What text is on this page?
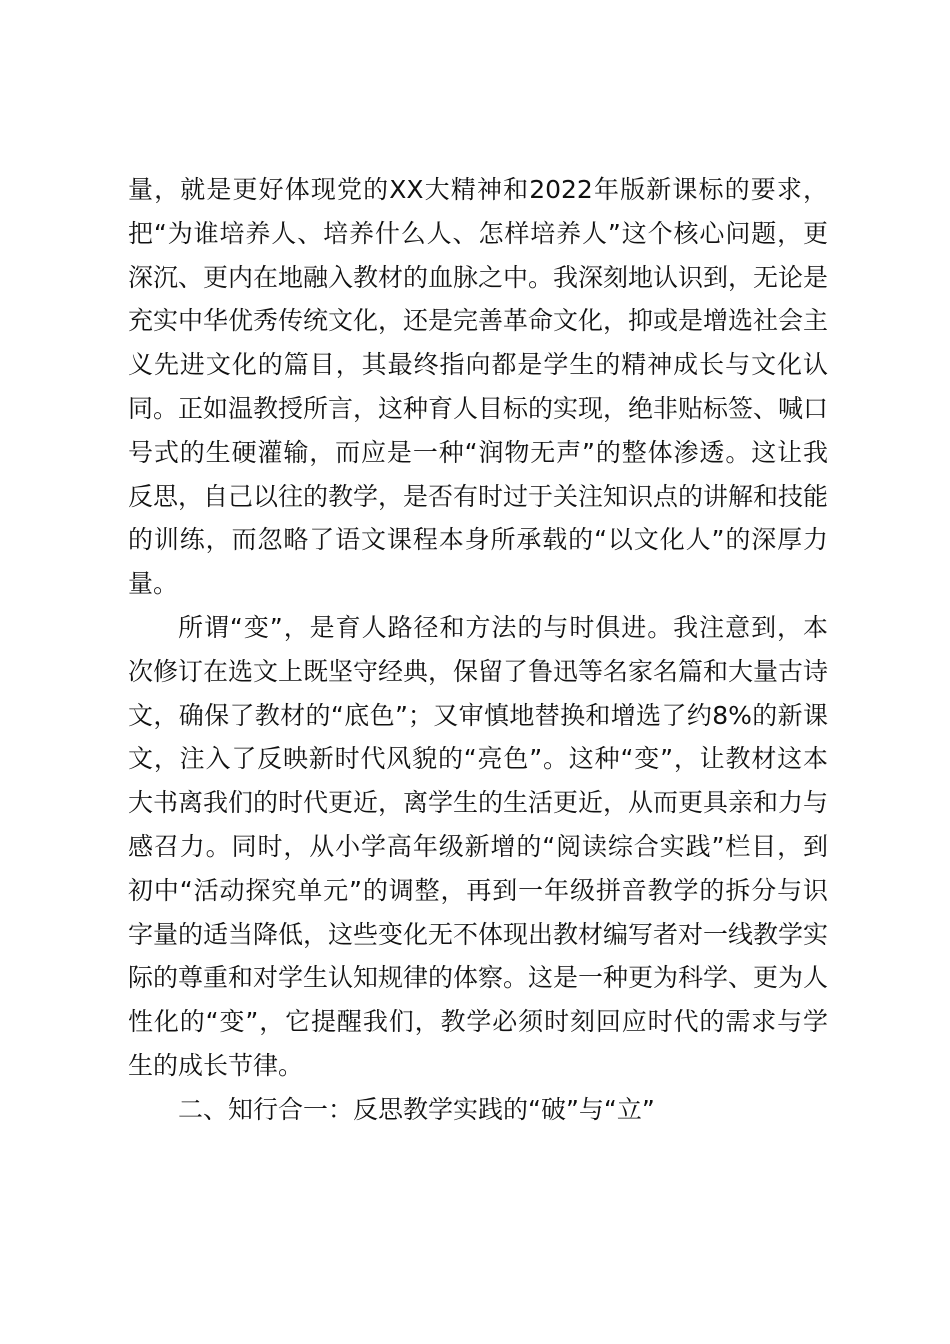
量，就是更好体现党的XX大精神和2022年版新课标的要求，把“为谁培养人、培养什么人、怎样培养人”这个核心问题，更深沉、更内在地融入教材的血脉之中。我深刻地认识到，无论是充实中华优秀传统文化，还是完善革命文化，抑或是增选社会主义先进文化的篇目，其最终指向都是学生的精神成长与文化认同。正如温教授所言，这种育人目标的实现，绝非贴标签、喊口号式的生硬灌输，而应是一种“润物无声”的整体渗透。这让我反思，自己以往的教学，是否有时过于关注知识点的讲解和技能的训练，而忽略了语文课程本身所承载的“以文化人”的深厚力量。

所谓“变”，是育人路径和方法的与时俱进。我注意到，本次修订在选文上既坚守经典，保留了鲁迅等名家名篇和大量古诗文，确保了教材的“底色”；又审慎地替换和增选了约8%的新课文，注入了反映新时代风貌的“亮色”。这种“变”，让教材这本大书离我们的时代更近，离学生的生活更近，从而更具亲和力与感召力。同时，从小学高年级新增的“阅读综合实践”栏目，到初中“活动探究单元”的调整，再到一年级拼音教学的拆分与识字量的适当降低，这些变化无不体现出教材编写者对一线教学实际的尊重和对学生认知规律的体察。这是一种更为科学、更为人性化的“变”，它提醒我们，教学必须时刻回应时代的需求与学生的成长节律。

二、知行合一：反思教学实践的“破”与“立”
